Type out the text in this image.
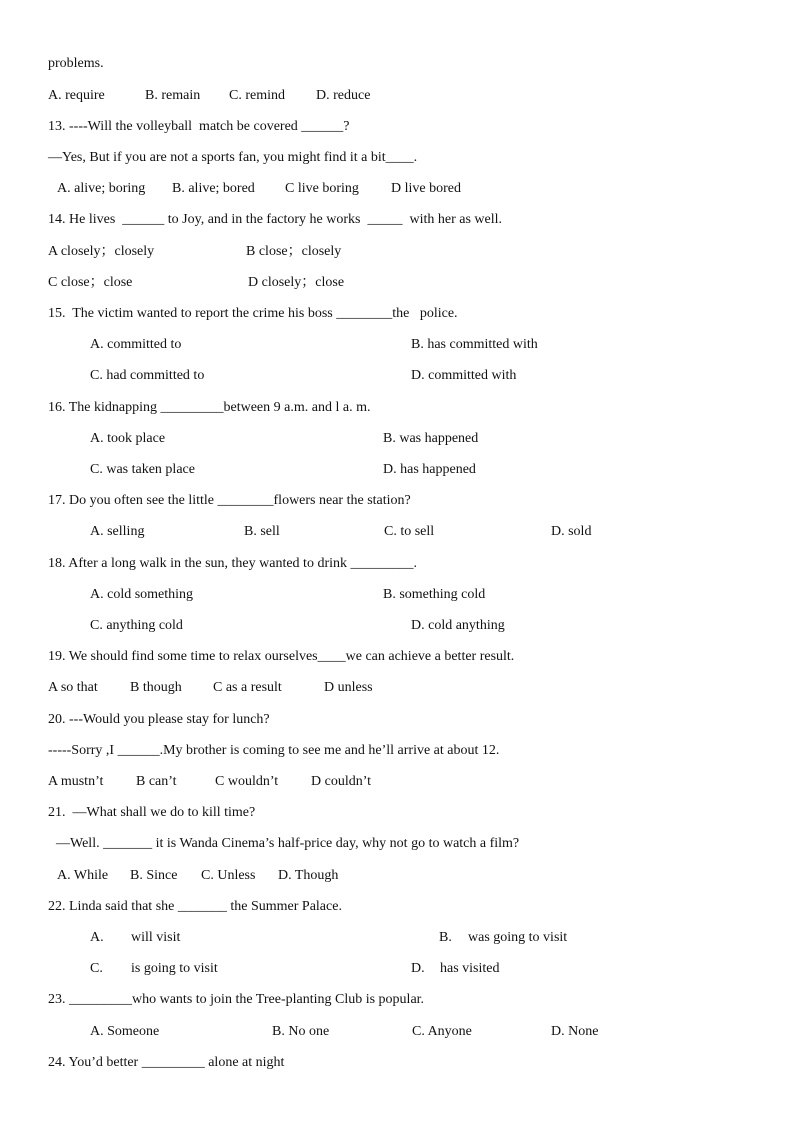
problems.
A. require	B. remain C. remind D. reduce
13. ----Will the volleyball  match be covered ______?
—Yes, But if you are not a sports fan, you might find it a bit____.
A. alive; boring B. alive; bored C live boring D live bored
14. He lives  ______ to Joy, and in the factory he works  _____  with her as well.
A closely；closely	B close；closely
C close；close	D closely；close
15.  The victim wanted to report the crime his boss ________the   police.
A. committed to	B. has committed with
C. had committed to	D. committed with
16. The kidnapping _________between 9 a.m. and l a. m.
A. took place	B. was happened
C. was taken place	D. has happened
17. Do you often see the little ________flowers near the station?
A. selling	B. sell	C. to sell	D. sold
18. After a long walk in the sun, they wanted to drink _________.
A. cold something	B. something cold
C. anything cold	D. cold anything
19. We should find some time to relax ourselves____we can achieve a better result.
A so that B though C as a result	D unless
20. ---Would you please stay for lunch?
-----Sorry ,I ______.My brother is coming to see me and he’ll arrive at about 12.
A mustn’t B can’t	C wouldn’t D couldn’t
21.  —What shall we do to kill time?
—Well. _______ it is Wanda Cinema’s half-price day, why not go to watch a film?
A. While B. Since C. Unless D. Though
22. Linda said that she _______ the Summer Palace.
A. will visit	B. was going to visit
C. is going to visit	D. has visited
23. _________who wants to join the Tree-planting Club is popular.
A. Someone	B. No one	C. Anyone	D. None
24. You’d better _________ alone at night
